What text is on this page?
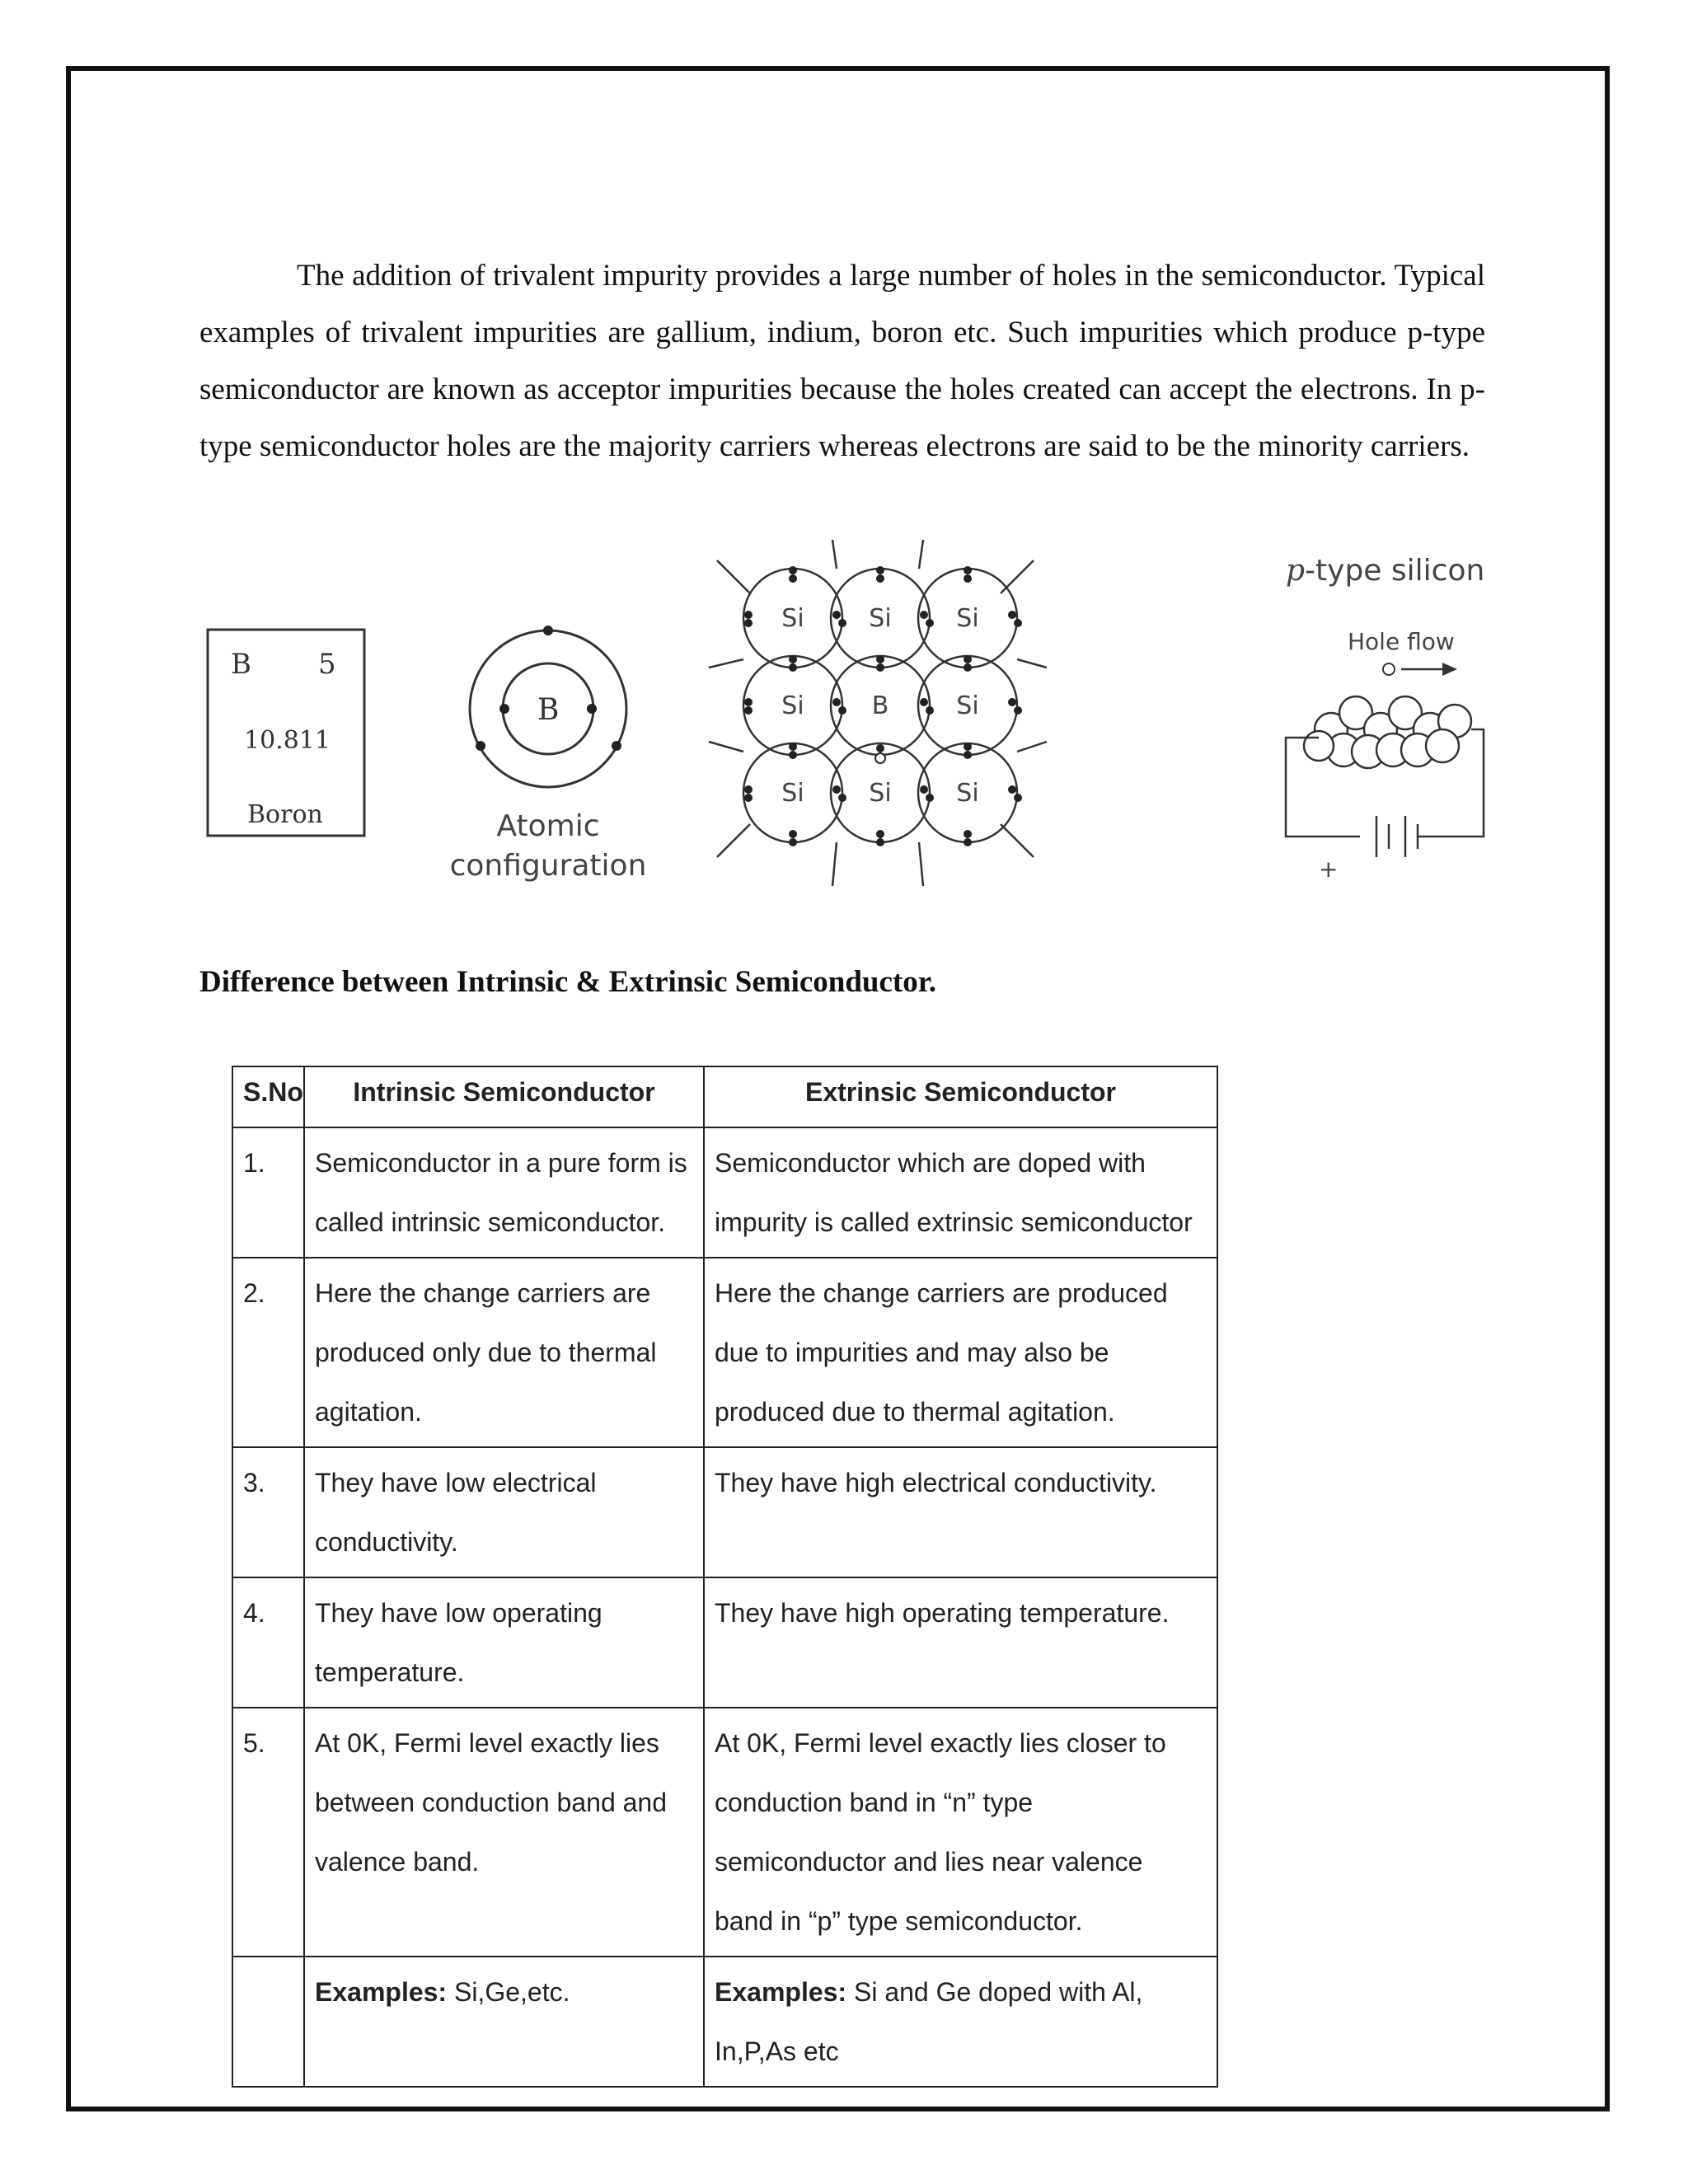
The addition of trivalent impurity provides a large number of holes in the semiconductor. Typical examples of trivalent impurities are gallium, indium, boron etc. Such impurities which produce p-type semiconductor are known as acceptor impurities because the holes created can accept the electrons. In p-type semiconductor holes are the majority carriers whereas electrons are said to be the minority carriers.

B 5
10.811
Boron
B
Atomic
configuration
Si	Si	Si
Si	B	Si
Si	Si	Si
p-type silicon
Hole flow
+
Difference between Intrinsic & Extrinsic Semiconductor.
S.No	Intrinsic Semiconductor	Extrinsic Semiconductor
1.	Semiconductor in a pure form is called intrinsic semiconductor.	Semiconductor which are doped with impurity is called extrinsic semiconductor
2.	Here the change carriers are produced only due to thermal agitation.	Here the change carriers are produced due to impurities and may also be produced due to thermal agitation.
3.	They have low electrical conductivity.	They have high electrical conductivity.
4.	They have low operating temperature.	They have high operating temperature.
5.	At 0K, Fermi level exactly lies between conduction band and valence band.	At 0K, Fermi level exactly lies closer to conduction band in “n” type semiconductor and lies near valence band in “p” type semiconductor.
	Examples: Si,Ge,etc.	Examples: Si and Ge doped with Al, In,P,As etc
